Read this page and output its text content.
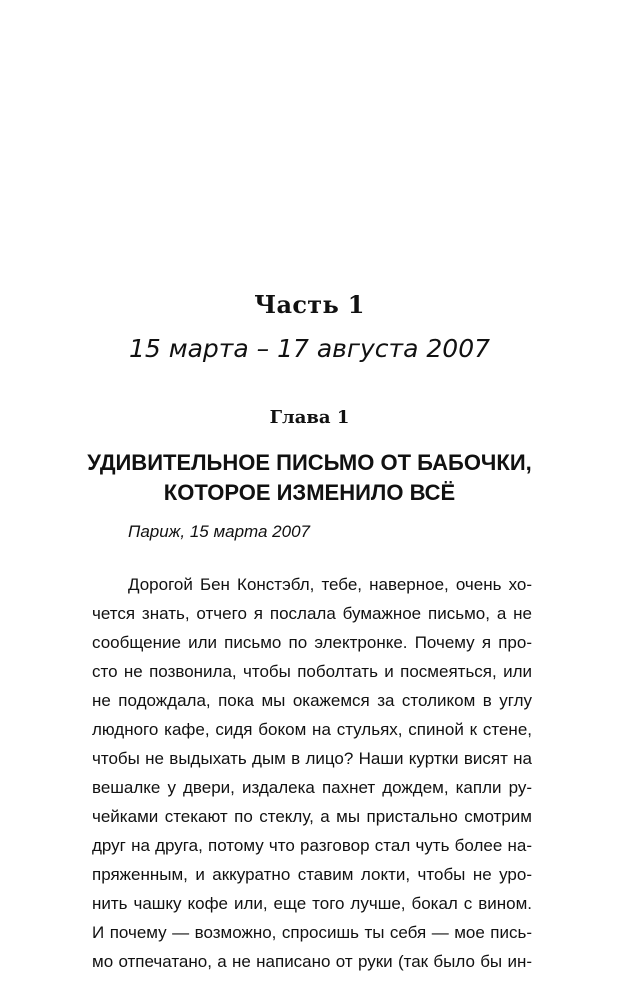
Часть 1
15 марта – 17 августа 2007
Глава 1
УДИВИТЕЛЬНОЕ ПИСЬМО ОТ БАБОЧКИ,
КОТОРОЕ ИЗМЕНИЛО ВСЁ
Париж, 15 марта 2007
Дорогой Бен Констэбл, тебе, наверное, очень хо-
чется знать, отчего я послала бумажное письмо, а не
сообщение или письмо по электронке. Почему я про-
сто не позвонила, чтобы поболтать и посмеяться, или
не подождала, пока мы окажемся за столиком в углу
людного кафе, сидя боком на стульях, спиной к стене,
чтобы не выдыхать дым в лицо? Наши куртки висят на
вешалке у двери, издалека пахнет дождем, капли ру-
чейками стекают по стеклу, а мы пристально смотрим
друг на друга, потому что разговор стал чуть более на-
пряженным, и аккуратно ставим локти, чтобы не уро-
нить чашку кофе или, еще того лучше, бокал с вином.
И почему — возможно, спросишь ты себя — мое пись-
мо отпечатано, а не написано от руки (так было бы ин-
